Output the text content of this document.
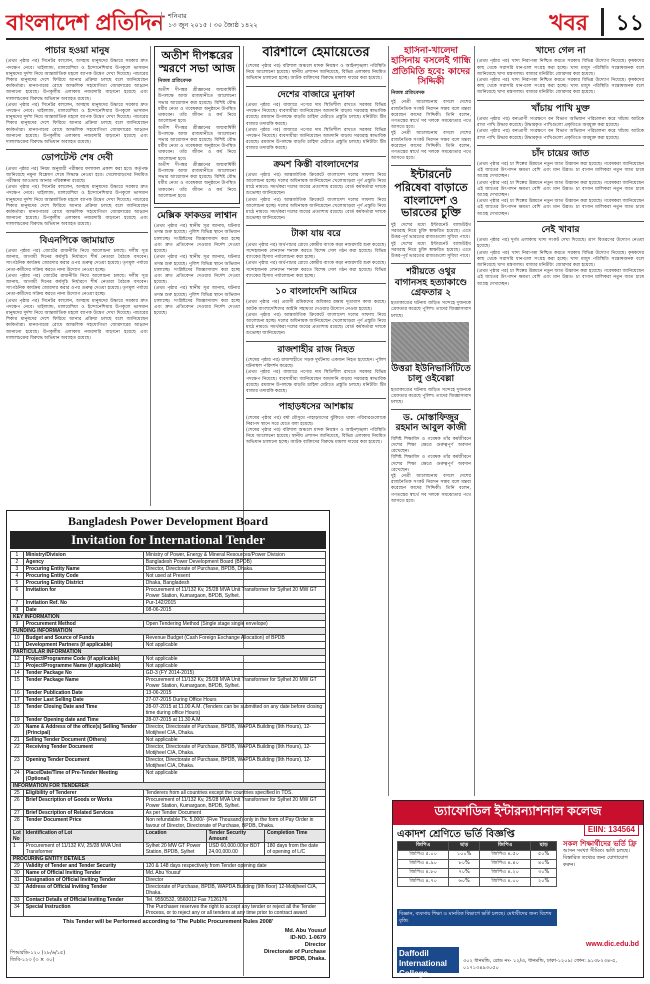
বাংলাদেশ প্রতিদিন শনিবার
১৩ জুন ২০১৫ । ৩০ জ্যৈষ্ঠ ১৪২২	খবর ১১
পাচার হওয়া মানুষ
(প্রথম পৃষ্ঠার পর) সিনেটর বললেন, অসহায় মানুষদের উদ্ধারে সরকার দ্রুত পদক্ষেপ নেবে। থাইল্যান্ড, মালয়েশিয়া ও ইন্দোনেশিয়ার উপকূলে ভাসমান মানুষদের দুর্দশা নিয়ে আন্তর্জাতিক মহলে ব্যাপক উদ্বেগ দেখা দিয়েছে। পাচারের শিকার মানুষদের দেশে ফিরিয়ে আনার প্রক্রিয়া চলছে বলে জানিয়েছেন কর্মকর্তারা। মানবপাচার রোধে আঞ্চলিক সহযোগিতা জোরদারের আহ্বান জানানো হয়েছে। উপকূলীয় এলাকায় নজরদারি বাড়ানো হয়েছে এবং দালালচক্রের বিরুদ্ধে অভিযান অব্যাহত রয়েছে।
(প্রথম পৃষ্ঠার পর) সিনেটর বললেন, অসহায় মানুষদের উদ্ধারে সরকার দ্রুত পদক্ষেপ নেবে। থাইল্যান্ড, মালয়েশিয়া ও ইন্দোনেশিয়ার উপকূলে ভাসমান মানুষদের দুর্দশা নিয়ে আন্তর্জাতিক মহলে ব্যাপক উদ্বেগ দেখা দিয়েছে। পাচারের শিকার মানুষদের দেশে ফিরিয়ে আনার প্রক্রিয়া চলছে বলে জানিয়েছেন কর্মকর্তারা। মানবপাচার রোধে আঞ্চলিক সহযোগিতা জোরদারের আহ্বান জানানো হয়েছে। উপকূলীয় এলাকায় নজরদারি বাড়ানো হয়েছে এবং দালালচক্রের বিরুদ্ধে অভিযান অব্যাহত রয়েছে।
ডোপটেস্ট শেষ দেবী
(প্রথম পৃষ্ঠার পর) নিয়ম অনুযায়ী পরীক্ষার ফলাফল প্রকাশ করা হবে। কর্তৃপক্ষ জানিয়েছে নমুনা বিশ্লেষণ শেষে সিদ্ধান্ত নেওয়া হবে। খেলোয়াড়দের নিয়মিত পরীক্ষার আওতায় আনার পরিকল্পনা রয়েছে।
(প্রথম পৃষ্ঠার পর) সিনেটর বললেন, অসহায় মানুষদের উদ্ধারে সরকার দ্রুত পদক্ষেপ নেবে। থাইল্যান্ড, মালয়েশিয়া ও ইন্দোনেশিয়ার উপকূলে ভাসমান মানুষদের দুর্দশা নিয়ে আন্তর্জাতিক মহলে ব্যাপক উদ্বেগ দেখা দিয়েছে। পাচারের শিকার মানুষদের দেশে ফিরিয়ে আনার প্রক্রিয়া চলছে বলে জানিয়েছেন কর্মকর্তারা। মানবপাচার রোধে আঞ্চলিক সহযোগিতা জোরদারের আহ্বান জানানো হয়েছে। উপকূলীয় এলাকায় নজরদারি বাড়ানো হয়েছে এবং দালালচক্রের বিরুদ্ধে অভিযান অব্যাহত রয়েছে।
বিএনপিকে জামায়াত
(প্রথম পৃষ্ঠার পর) জোটের রাজনীতি নিয়ে আলোচনা চলছে। দলীয় সূত্র জানায়, আগামী দিনের কর্মসূচি নির্ধারণে শীর্ষ নেতারা বৈঠকে বসবেন। সাংগঠনিক কার্যক্রম জোরদার করার ওপর গুরুত্ব দেওয়া হয়েছে। তৃণমূল পর্যায়ে নেতা-কর্মীদের সক্রিয় করতে নানা উদ্যোগ নেওয়া হচ্ছে।
(প্রথম পৃষ্ঠার পর) জোটের রাজনীতি নিয়ে আলোচনা চলছে। দলীয় সূত্র জানায়, আগামী দিনের কর্মসূচি নির্ধারণে শীর্ষ নেতারা বৈঠকে বসবেন। সাংগঠনিক কার্যক্রম জোরদার করার ওপর গুরুত্ব দেওয়া হয়েছে। তৃণমূল পর্যায়ে নেতা-কর্মীদের সক্রিয় করতে নানা উদ্যোগ নেওয়া হচ্ছে।
(প্রথম পৃষ্ঠার পর) সিনেটর বললেন, অসহায় মানুষদের উদ্ধারে সরকার দ্রুত পদক্ষেপ নেবে। থাইল্যান্ড, মালয়েশিয়া ও ইন্দোনেশিয়ার উপকূলে ভাসমান মানুষদের দুর্দশা নিয়ে আন্তর্জাতিক মহলে ব্যাপক উদ্বেগ দেখা দিয়েছে। পাচারের শিকার মানুষদের দেশে ফিরিয়ে আনার প্রক্রিয়া চলছে বলে জানিয়েছেন কর্মকর্তারা। মানবপাচার রোধে আঞ্চলিক সহযোগিতা জোরদারের আহ্বান জানানো হয়েছে। উপকূলীয় এলাকায় নজরদারি বাড়ানো হয়েছে এবং দালালচক্রের বিরুদ্ধে অভিযান অব্যাহত রয়েছে।
অতীশ দীপঙ্করের স্মরণে সভা আজ
নিজস্ব প্রতিবেদক
অতীশ দীপঙ্কর শ্রীজ্ঞানের জন্মবার্ষিকী উপলক্ষে আজ রাজধানীতে আলোচনা সভার আয়োজন করা হয়েছে। বিশিষ্ট বৌদ্ধ ধর্মীয় নেতা ও গবেষকরা অনুষ্ঠানে উপস্থিত থাকবেন। তাঁর জীবন ও কর্ম নিয়ে আলোচনা হবে।
অতীশ দীপঙ্কর শ্রীজ্ঞানের জন্মবার্ষিকী উপলক্ষে আজ রাজধানীতে আলোচনা সভার আয়োজন করা হয়েছে। বিশিষ্ট বৌদ্ধ ধর্মীয় নেতা ও গবেষকরা অনুষ্ঠানে উপস্থিত থাকবেন। তাঁর জীবন ও কর্ম নিয়ে আলোচনা হবে।
অতীশ দীপঙ্কর শ্রীজ্ঞানের জন্মবার্ষিকী উপলক্ষে আজ রাজধানীতে আলোচনা সভার আয়োজন করা হয়েছে। বিশিষ্ট বৌদ্ধ ধর্মীয় নেতা ও গবেষকরা অনুষ্ঠানে উপস্থিত থাকবেন। তাঁর জীবন ও কর্ম নিয়ে আলোচনা হবে।
মেক্সিক ফাকডর লাশ্বান
(প্রথম পৃষ্ঠার পর) স্থানীয় সূত্র জানায়, ঘটনার তদন্ত শুরু হয়েছে। পুলিশ বিভিন্ন স্থানে অভিযান চালাচ্ছে। সংশ্লিষ্টদের জিজ্ঞাসাবাদ করা হচ্ছে এবং দ্রুত প্রতিবেদন দেওয়ার নির্দেশ দেওয়া হয়েছে।
(প্রথম পৃষ্ঠার পর) স্থানীয় সূত্র জানায়, ঘটনার তদন্ত শুরু হয়েছে। পুলিশ বিভিন্ন স্থানে অভিযান চালাচ্ছে। সংশ্লিষ্টদের জিজ্ঞাসাবাদ করা হচ্ছে এবং দ্রুত প্রতিবেদন দেওয়ার নির্দেশ দেওয়া হয়েছে।
(প্রথম পৃষ্ঠার পর) স্থানীয় সূত্র জানায়, ঘটনার তদন্ত শুরু হয়েছে। পুলিশ বিভিন্ন স্থানে অভিযান চালাচ্ছে। সংশ্লিষ্টদের জিজ্ঞাসাবাদ করা হচ্ছে এবং দ্রুত প্রতিবেদন দেওয়ার নির্দেশ দেওয়া হয়েছে।
বরিশালে হেমায়েতের
(শেষের পৃষ্ঠার পর) বরিশাল অঞ্চলে মাদক নিয়ন্ত্রণ ও আইনশৃঙ্খলা পরিস্থিতি নিয়ে আলোচনা হয়েছে। স্থানীয় প্রশাসন জানিয়েছে, বিভিন্ন এলাকায় নিয়মিত অভিযান চালানো হচ্ছে। আটক ব্যক্তিদের বিরুদ্ধে মামলা দায়ের করা হয়েছে।
দেশের বাজারে মুনাফা
(প্রথম পৃষ্ঠার পর) বাজারে পণ্যের দাম স্থিতিশীল রাখতে সরকার বিভিন্ন পদক্ষেপ নিয়েছে। ব্যবসায়ীরা জানিয়েছেন আমদানি বাড়ায় সরবরাহ স্বাভাবিক রয়েছে। রমজান উপলক্ষে বাড়তি চাহিদা মেটাতে প্রস্তুতি চলছে। মনিটরিং টিম বাজার তদারকি করছে।
(প্রথম পৃষ্ঠার পর) বাজারে পণ্যের দাম স্থিতিশীল রাখতে সরকার বিভিন্ন পদক্ষেপ নিয়েছে। ব্যবসায়ীরা জানিয়েছেন আমদানি বাড়ায় সরবরাহ স্বাভাবিক রয়েছে। রমজান উপলক্ষে বাড়তি চাহিদা মেটাতে প্রস্তুতি চলছে। মনিটরিং টিম বাজার তদারকি করছে।
ক্রমশ কিস্তী বাংলাদেশের
(প্রথম পৃষ্ঠার পর) আন্তর্জাতিক ক্রিকেটে বাংলাদেশ দলের সাফল্য নিয়ে আলোচনা হচ্ছে। দলের অধিনায়ক জানিয়েছেন খেলোয়াড়রা পূর্ণ প্রস্তুতি নিয়ে মাঠে নামবে। সমর্থকরা দলের জয়ের প্রত্যাশায় রয়েছে। বোর্ড কর্মকর্তারা দলকে শুভেচ্ছা জানিয়েছেন।
(প্রথম পৃষ্ঠার পর) আন্তর্জাতিক ক্রিকেটে বাংলাদেশ দলের সাফল্য নিয়ে আলোচনা হচ্ছে। দলের অধিনায়ক জানিয়েছেন খেলোয়াড়রা পূর্ণ প্রস্তুতি নিয়ে মাঠে নামবে। সমর্থকরা দলের জয়ের প্রত্যাশায় রয়েছে। বোর্ড কর্মকর্তারা দলকে শুভেচ্ছা জানিয়েছেন।
টাকা যায় বরে
(প্রথম পৃষ্ঠার পর) অর্থপাচার রোধে কেন্দ্রীয় ব্যাংক কড়া নজরদারি শুরু করেছে। সন্দেহজনক লেনদেন শনাক্ত করতে বিশেষ সেল গঠন করা হয়েছে। বিভিন্ন ব্যাংকের হিসাব পর্যালোচনা করা হচ্ছে।
(প্রথম পৃষ্ঠার পর) অর্থপাচার রোধে কেন্দ্রীয় ব্যাংক কড়া নজরদারি শুরু করেছে। সন্দেহজনক লেনদেন শনাক্ত করতে বিশেষ সেল গঠন করা হয়েছে। বিভিন্ন ব্যাংকের হিসাব পর্যালোচনা করা হচ্ছে।
১০ বাংলাদেশি আমিরে
(প্রথম পৃষ্ঠার পর) প্রবাসী শ্রমিকদের অধিকার রক্ষায় দূতাবাস কাজ করছে। আটক বাংলাদেশিদের আইনি সহায়তা দেওয়ার উদ্যোগ নেওয়া হয়েছে।
(প্রথম পৃষ্ঠার পর) আন্তর্জাতিক ক্রিকেটে বাংলাদেশ দলের সাফল্য নিয়ে আলোচনা হচ্ছে। দলের অধিনায়ক জানিয়েছেন খেলোয়াড়রা পূর্ণ প্রস্তুতি নিয়ে মাঠে নামবে। সমর্থকরা দলের জয়ের প্রত্যাশায় রয়েছে। বোর্ড কর্মকর্তারা দলকে শুভেচ্ছা জানিয়েছেন।
রাজশাহীর রাজ নিহত
(শেষের পৃষ্ঠার পর) রাজশাহীতে সড়ক দুর্ঘটনায় একজন নিহত হয়েছেন। পুলিশ ঘটনাস্থল পরিদর্শন করেছে।
(প্রথম পৃষ্ঠার পর) বাজারে পণ্যের দাম স্থিতিশীল রাখতে সরকার বিভিন্ন পদক্ষেপ নিয়েছে। ব্যবসায়ীরা জানিয়েছেন আমদানি বাড়ায় সরবরাহ স্বাভাবিক রয়েছে। রমজান উপলক্ষে বাড়তি চাহিদা মেটাতে প্রস্তুতি চলছে। মনিটরিং টিম বাজার তদারকি করছে।
পাহাড়ধসের আশঙ্কায়
(শেষের পৃষ্ঠার পর) বর্ষা মৌসুমে পাহাড়ধসের ঝুঁকিতে থাকা পরিবারগুলোকে নিরাপদ স্থানে সরে যেতে বলা হয়েছে।
(শেষের পৃষ্ঠার পর) বরিশাল অঞ্চলে মাদক নিয়ন্ত্রণ ও আইনশৃঙ্খলা পরিস্থিতি নিয়ে আলোচনা হয়েছে। স্থানীয় প্রশাসন জানিয়েছে, বিভিন্ন এলাকায় নিয়মিত অভিযান চালানো হচ্ছে। আটক ব্যক্তিদের বিরুদ্ধে মামলা দায়ের করা হয়েছে।
হাসিনা-খালেদা হাসিনায় বসলেই গান্ধি প্রতিমিতি হবে: কাদের সিদ্দিকী
নিজস্ব প্রতিবেদক
দুই নেত্রী আলোচনায় বসলে দেশের রাজনৈতিক সংকট নিরসন সম্ভব বলে মন্তব্য করেছেন কাদের সিদ্দিকী। তিনি বলেন, গণতন্ত্রের স্বার্থে সব দলকে সমঝোতার পথে আসতে হবে।
দুই নেত্রী আলোচনায় বসলে দেশের রাজনৈতিক সংকট নিরসন সম্ভব বলে মন্তব্য করেছেন কাদের সিদ্দিকী। তিনি বলেন, গণতন্ত্রের স্বার্থে সব দলকে সমঝোতার পথে আসতে হবে।
ইন্টারনেট পরিষেবা বাড়াতে বাংলাদেশ ও ভারতের চুক্তি
দুই দেশের মধ্যে ইন্টারনেট ব্যান্ডউইথ সরবরাহ নিয়ে চুক্তি স্বাক্ষরিত হয়েছে। এতে উত্তর-পূর্ব ভারতের রাজ্যগুলো সুবিধা পাবে।
দুই দেশের মধ্যে ইন্টারনেট ব্যান্ডউইথ সরবরাহ নিয়ে চুক্তি স্বাক্ষরিত হয়েছে। এতে উত্তর-পূর্ব ভারতের রাজ্যগুলো সুবিধা পাবে।
শরীয়তে ওথুর বাগানসহ হত্যাকাণ্ডে গ্রেফতার ২
হত্যাকাণ্ডের ঘটনায় জড়িত সন্দেহে দুজনকে গ্রেফতার করেছে পুলিশ। তাদের জিজ্ঞাসাবাদ চলছে।
উত্তরা ইউনিভার্সিটিতে চালু ওইবেল্লা
হত্যাকাণ্ডের ঘটনায় জড়িত সন্দেহে দুজনকে গ্রেফতার করেছে পুলিশ। তাদের জিজ্ঞাসাবাদ চলছে।
ড. মোস্তাফিজুর রহমান আবুল কাজী
বিশিষ্ট শিক্ষাবিদ ও গবেষক তাঁর কর্মজীবনে দেশের শিক্ষা ক্ষেত্রে গুরুত্বপূর্ণ অবদান রেখেছেন।
বিশিষ্ট শিক্ষাবিদ ও গবেষক তাঁর কর্মজীবনে দেশের শিক্ষা ক্ষেত্রে গুরুত্বপূর্ণ অবদান রেখেছেন।
দুই নেত্রী আলোচনায় বসলে দেশের রাজনৈতিক সংকট নিরসন সম্ভব বলে মন্তব্য করেছেন কাদের সিদ্দিকী। তিনি বলেন, গণতন্ত্রের স্বার্থে সব দলকে সমঝোতার পথে আসতে হবে।
খাদ্যে গেল না
(প্রথম পৃষ্ঠার পর) খাদ্য নিরাপত্তা নিশ্চিত করতে সরকার বিভিন্ন উদ্যোগ নিয়েছে। কৃষকদের কাছ থেকে সরাসরি ধান-চাল সংগ্রহ করা হচ্ছে। খাদ্য মজুদ পরিস্থিতি সন্তোষজনক বলে জানিয়েছে খাদ্য মন্ত্রণালয়। বাজার মনিটরিং জোরদার করা হয়েছে।
(প্রথম পৃষ্ঠার পর) খাদ্য নিরাপত্তা নিশ্চিত করতে সরকার বিভিন্ন উদ্যোগ নিয়েছে। কৃষকদের কাছ থেকে সরাসরি ধান-চাল সংগ্রহ করা হচ্ছে। খাদ্য মজুদ পরিস্থিতি সন্তোষজনক বলে জানিয়েছে খাদ্য মন্ত্রণালয়। বাজার মনিটরিং জোরদার করা হয়েছে।
খাঁচায় পাখি মুক্ত
(প্রথম পৃষ্ঠার পর) বন্যপ্রাণী সংরক্ষণে বন বিভাগ অভিযান পরিচালনা করে খাঁচায় আটকে রাখা পাখি উদ্ধার করেছে। উদ্ধারকৃত পাখিগুলো প্রকৃতিতে অবমুক্ত করা হয়েছে।
(প্রথম পৃষ্ঠার পর) বন্যপ্রাণী সংরক্ষণে বন বিভাগ অভিযান পরিচালনা করে খাঁচায় আটকে রাখা পাখি উদ্ধার করেছে। উদ্ধারকৃত পাখিগুলো প্রকৃতিতে অবমুক্ত করা হয়েছে।
চাঁদ চায়ের জাত
(প্রথম পৃষ্ঠার পর) চা শিল্পের উন্নয়নে নতুন জাত উদ্ভাবন করা হয়েছে। গবেষকরা জানিয়েছেন এই জাতের উৎপাদন ক্ষমতা বেশি এবং মান উন্নত। চা বাগান মালিকরা নতুন জাত চাষে আগ্রহ দেখাচ্ছেন।
(প্রথম পৃষ্ঠার পর) চা শিল্পের উন্নয়নে নতুন জাত উদ্ভাবন করা হয়েছে। গবেষকরা জানিয়েছেন এই জাতের উৎপাদন ক্ষমতা বেশি এবং মান উন্নত। চা বাগান মালিকরা নতুন জাত চাষে আগ্রহ দেখাচ্ছেন।
(প্রথম পৃষ্ঠার পর) চা শিল্পের উন্নয়নে নতুন জাত উদ্ভাবন করা হয়েছে। গবেষকরা জানিয়েছেন এই জাতের উৎপাদন ক্ষমতা বেশি এবং মান উন্নত। চা বাগান মালিকরা নতুন জাত চাষে আগ্রহ দেখাচ্ছেন।
নেই খাবার
(প্রথম পৃষ্ঠার পর) দুর্গম এলাকায় খাদ্য সংকট দেখা দিয়েছে। ত্রাণ বিতরণের উদ্যোগ নেওয়া হয়েছে।
(প্রথম পৃষ্ঠার পর) খাদ্য নিরাপত্তা নিশ্চিত করতে সরকার বিভিন্ন উদ্যোগ নিয়েছে। কৃষকদের কাছ থেকে সরাসরি ধান-চাল সংগ্রহ করা হচ্ছে। খাদ্য মজুদ পরিস্থিতি সন্তোষজনক বলে জানিয়েছে খাদ্য মন্ত্রণালয়। বাজার মনিটরিং জোরদার করা হয়েছে।
(প্রথম পৃষ্ঠার পর) চা শিল্পের উন্নয়নে নতুন জাত উদ্ভাবন করা হয়েছে। গবেষকরা জানিয়েছেন এই জাতের উৎপাদন ক্ষমতা বেশি এবং মান উন্নত। চা বাগান মালিকরা নতুন জাত চাষে আগ্রহ দেখাচ্ছেন।
Bangladesh Power Development Board
Invitation for International Tender
1	Ministry/Division	Ministry of Power, Energy & Mineral Resources/Power Division		
2	Agency	Bangladesh Power Development Board (BPDB)		
3	Procuring Entity Name	Director, Directorate of Purchase, BPDB, Dhaka.		
4	Procuring Entity Code	Not used at Present		
5	Procuring Entity District	Dhaka, Bangladesh		
6	Invitation for	Procurement of 11/132 Kv, 25/28 MVA Unit Transformer for Sylhet 20 MW GT Power Station, Kumargaon, BPDB, Sylhet.		
7	Invitation Ref. No	Pur-142/2015		
8	Date	08-06-2015		
KEY INFORMATION				
9	Procurement Method	Open Tendering Method (Single stage single envelope)		
FUNDING INFORMATION				
10	Budget and Source of Funds	Revenue Budget (Cash Foreign Exchange Allocation) of BPDB		
11	Development Partners (if applicable)	Not applicable		
PARTICULAR INFORMATION				
12	Project/Programme Code (if applicable)	Not applicable		
13	Project/Programme Name (if applicable)	Not applicable		
14	Tender Package No	GD-3 (FY 2014-2015)		
15	Tender Package Name	Procurement of 11/132 Kv, 25/28 MVA Unit Transformer for Sylhet 20 MW GT Power Station, Kumargaon, BPDB, Sylhet.		
16	Tender Publication Date	13-06-2015		
17	Tender Last Selling Date	27-07-2015 During Office Hours		
18	Tender Closing Date and Time	28-07-2015 at 11.00 A.M. (Tenders can be submitted on any date before closing time during office Hours)		
19	Tender Opening date and Time	28-07-2015 at 11.30 A.M.		
20	Name & Address of the office(s) Selling Tender (Principal)	Director, Directorate of Purchase, BPDB, WAPDA Building (9th Hours), 12-Motijheel C/A, Dhaka.		
21	Selling Tender Document (Others)	Not applicable		
22	Receiving Tender Document	Director, Directorate of Purchase, BPDB, WAPDA Building (9th Hours), 12-Motijheel C/A, Dhaka.		
23	Opening Tender Document	Director, Directorate of Purchase, BPDB, WAPDA Building (9th Hours), 12-Motijheel C/A, Dhaka.		
24	Place/Date/Time of Pre-Tender Meeting (Optional)	Not applicable		
INFORMATION FOR TENDERER				
25	Eligibility of Tenderer	Tenderers from all countries except the countries specified in TDS.		
26	Brief Description of Goods or Works	Procurement of 11/132 Kv, 25/28 MVA Unit Transformer for Sylhet 20 MW GT Power Station, Kumargaon, BPDB, Sylhet.		
27	Brief Description of Related Services	As per Tender Document		
28	Tender Document Price	Non refundable Tk. 5,000/- (Five Thousand) only in the form of Pay Order in favour of Director, Directorate of Purchase, BPDB, Dhaka.		
Lot No	Identification of Lot	Location	Tender Security Amount	Completion Time
1	Procurement of 11/132 KV, 25/28 MVA Unit Transformer	Sylhet 20 MW GT Power Station, BPDB, Sylhet	USD 60,000.00 or BDT 24,00,000.00	180 days from the date of opening of L/C
PROCURING ENTITY DETAILS				
29	Validity of Tender and Tender Security	120 & 148 days respectively from Tender opening date		
30	Name of Official Inviting Tender	Md. Abu Yousuf		
31	Designation of Official Inviting Tender	Director		
32	Address of Official Inviting Tender	Directorate of Purchase, BPDB, WAPDA Building (9th floor) 12-Motijheel C/A, Dhaka.		
33	Contact Details of Official Inviting Tender	Tel. 9550532, 9560012 Fax 7126176		
34	Special Instruction	The Purchaser reserves the right to accept any tender or reject all the Tender Process, or to reject any or all tenders at any time prior to contract award		
This Tender will be Performed according to 'The Public Procurement Rules 2008'
পিআরডি-১২০ (২৮/৬/১৫)
জিবি-১২৩ (৩ × ৩০)
Md. Abu Yousuf
ID-NO. 1-0679
Director
Directorate of Purchase
BPDB, Dhaka.
ড্যাফোডিল ইন্টারন্যাশনাল কলেজ
একাদশ শ্রেণিতে ভর্তি বিজ্ঞপ্তি	EIIN: 134564
জিপিএ	ছাড়	জিপিএ	ছাড়
জিপিএ ৫.০০	১০০%	জিপিএ ৪.৫০	৫০%
জিপিএ ৪.৯০	৮০%	জিপিএ ৪.৪০	৪০%
জিপিএ ৪.৮০	৭০%	জিপিএ ৪.২০	৩০%
জিপিএ ৪.৭০	৬০%	জিপিএ ৪.০০	২০%
সকল শিক্ষার্থীদের ভর্তি ফ্রি
আসন সংখ্যা সীমিত। ভর্তি চলছে। বিস্তারিত তথ্যের জন্য যোগাযোগ করুন।
বিজ্ঞান, ব্যবসায় শিক্ষা ও মানবিক বিভাগে ভর্তি চলছে। মেধাবীদের জন্য বিশেষ বৃত্তি।
www.dic.edu.bd
Daffodil International College
৩০২ ধানমন্ডি, রোড নং- ১২/এ, ধানমন্ডি, ঢাকা-১২০৯। ফোন: ৯১৩৮২৩৪-৫, ০১৭১৩৪৯৩০৫০
